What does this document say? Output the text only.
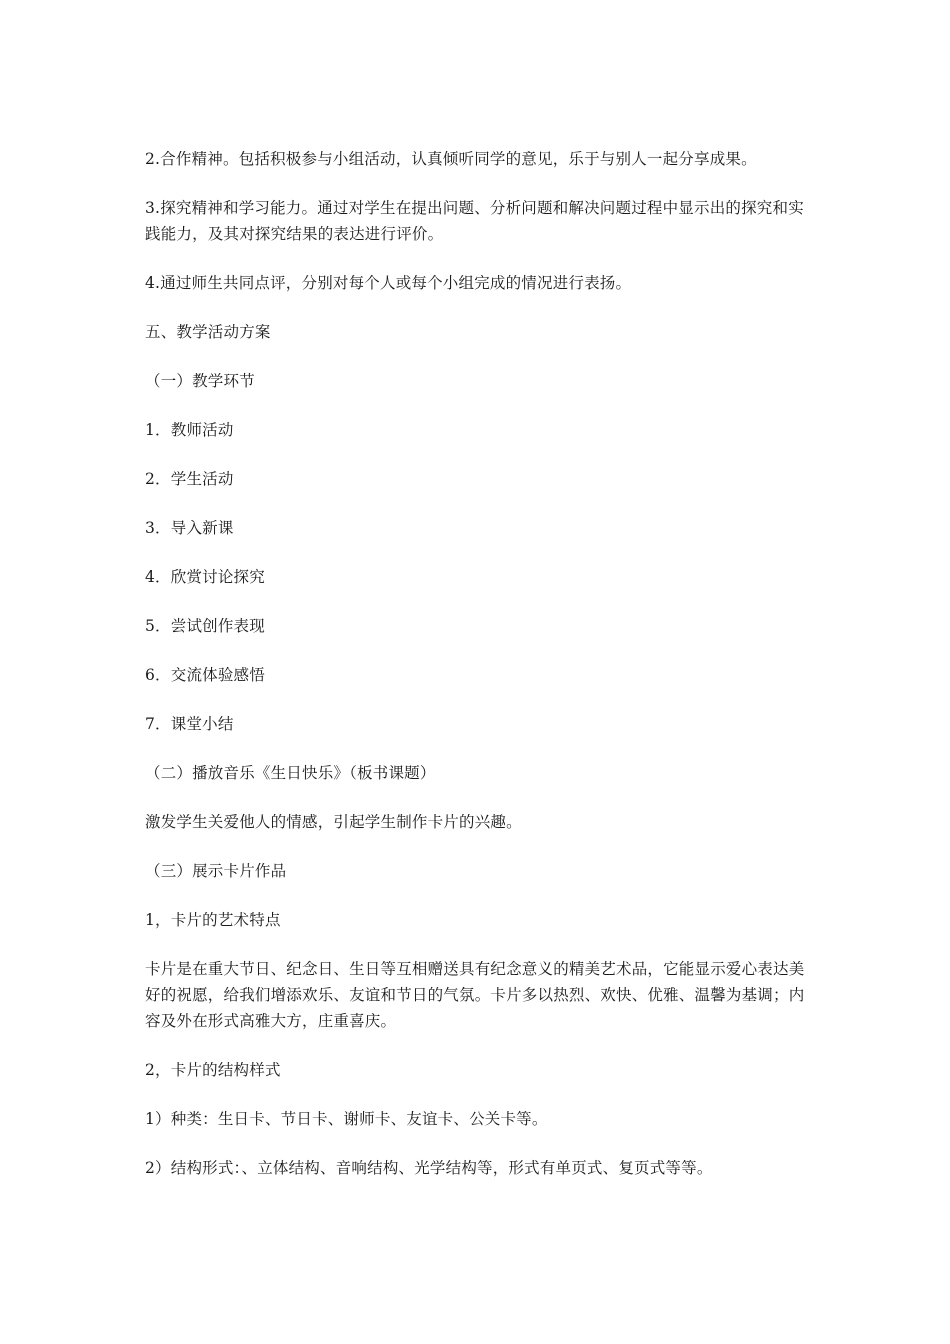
2.合作精神。包括积极参与小组活动，认真倾听同学的意见，乐于与别人一起分享成果。

3.探究精神和学习能力。通过对学生在提出问题、分析问题和解决问题过程中显示出的探究和实践能力，及其对探究结果的表达进行评价。

4.通过师生共同点评，分别对每个人或每个小组完成的情况进行表扬。

五、教学活动方案

（一）教学环节

1．教师活动

2．学生活动

3．导入新课

4．欣赏讨论探究

5．尝试创作表现

6．交流体验感悟

7．课堂小结

（二）播放音乐《生日快乐》（板书课题）

激发学生关爱他人的情感，引起学生制作卡片的兴趣。

（三）展示卡片作品

1，卡片的艺术特点

卡片是在重大节日、纪念日、生日等互相赠送具有纪念意义的精美艺术品，它能显示爱心表达美好的祝愿，给我们增添欢乐、友谊和节日的气氛。卡片多以热烈、欢快、优雅、温馨为基调；内容及外在形式高雅大方，庄重喜庆。

2，卡片的结构样式

1）种类：生日卡、节日卡、谢师卡、友谊卡、公关卡等。

2）结构形式：、立体结构、音响结构、光学结构等，形式有单页式、复页式等等。
